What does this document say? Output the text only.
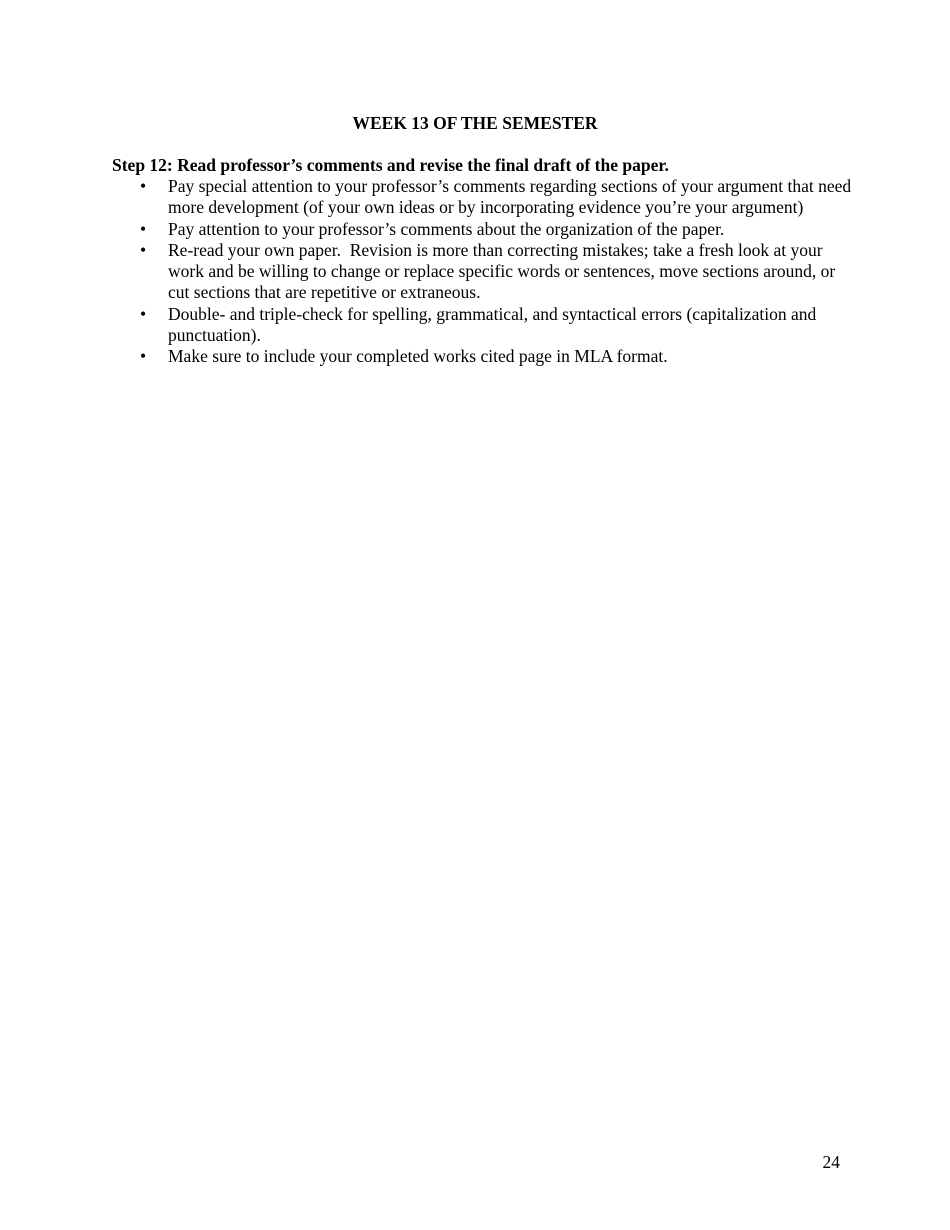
WEEK 13 OF THE SEMESTER
Step 12: Read professor’s comments and revise the final draft of the paper.
• Pay special attention to your professor’s comments regarding sections of your argument that need more development (of your own ideas or by incorporating evidence you’re your argument)
• Pay attention to your professor’s comments about the organization of the paper.
• Re-read your own paper.  Revision is more than correcting mistakes; take a fresh look at your work and be willing to change or replace specific words or sentences, move sections around, or cut sections that are repetitive or extraneous.
• Double- and triple-check for spelling, grammatical, and syntactical errors (capitalization and punctuation).
• Make sure to include your completed works cited page in MLA format.
24
